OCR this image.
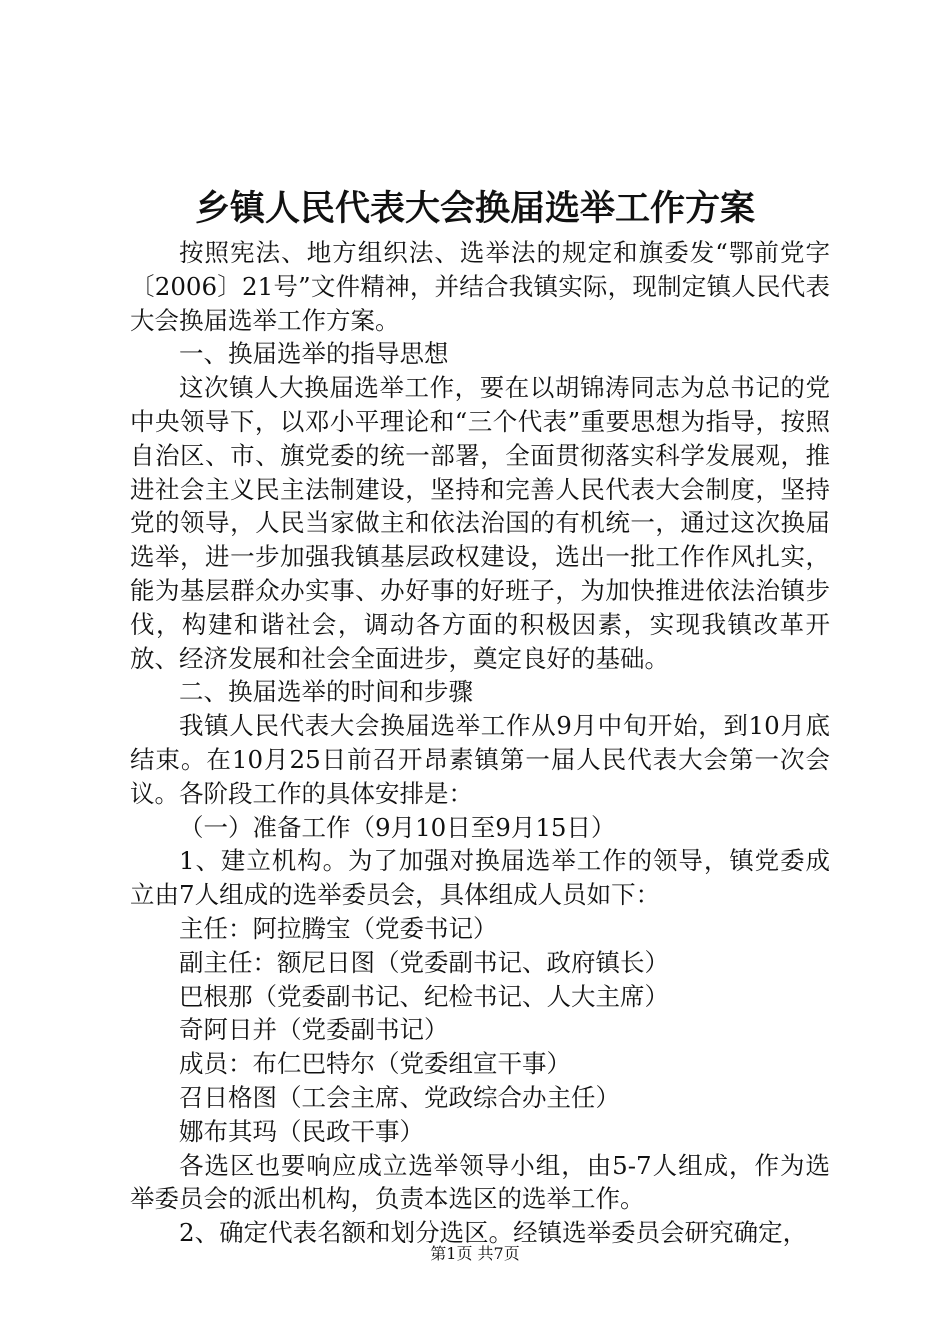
乡镇人民代表大会换届选举工作方案

按照宪法、地方组织法、选举法的规定和旗委发“鄂前党字〔2006〕21号”文件精神，并结合我镇实际，现制定镇人民代表大会换届选举工作方案。

一、换届选举的指导思想

这次镇人大换届选举工作，要在以胡锦涛同志为总书记的党中央领导下，以邓小平理论和“三个代表”重要思想为指导，按照自治区、市、旗党委的统一部署，全面贯彻落实科学发展观，推进社会主义民主法制建设，坚持和完善人民代表大会制度，坚持党的领导，人民当家做主和依法治国的有机统一，通过这次换届选举，进一步加强我镇基层政权建设，选出一批工作作风扎实，能为基层群众办实事、办好事的好班子，为加快推进依法治镇步伐，构建和谐社会，调动各方面的积极因素，实现我镇改革开放、经济发展和社会全面进步，奠定良好的基础。

二、换届选举的时间和步骤

我镇人民代表大会换届选举工作从9月中旬开始，到10月底结束。在10月25日前召开昂素镇第一届人民代表大会第一次会议。各阶段工作的具体安排是：

（一）准备工作（9月10日至9月15日）

1、建立机构。为了加强对换届选举工作的领导，镇党委成立由7人组成的选举委员会，具体组成人员如下：

主任：阿拉腾宝（党委书记）

副主任：额尼日图（党委副书记、政府镇长）

巴根那（党委副书记、纪检书记、人大主席）

奇阿日并（党委副书记）

成员：布仁巴特尔（党委组宣干事）

召日格图（工会主席、党政综合办主任）

娜布其玛（民政干事）

各选区也要响应成立选举领导小组，由5-7人组成，作为选举委员会的派出机构，负责本选区的选举工作。

2、确定代表名额和划分选区。经镇选举委员会研究确定，

第1页 共7页
